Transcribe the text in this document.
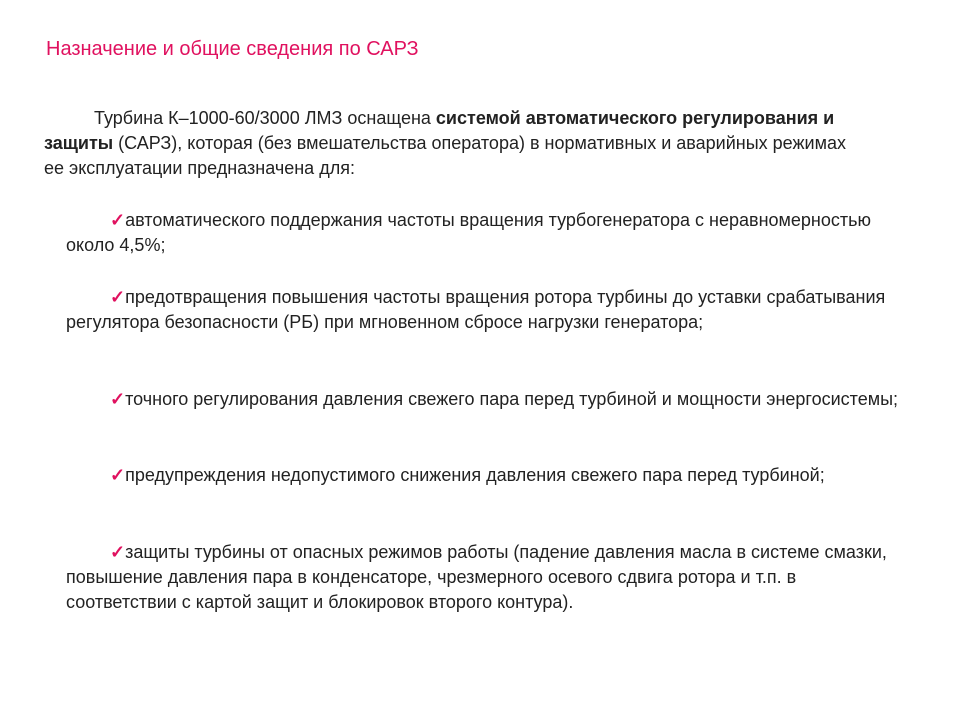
Назначение и общие сведения по САРЗ
Турбина К–1000-60/3000 ЛМЗ оснащена системой автоматического регулирования и защиты (САРЗ), которая (без вмешательства оператора) в нормативных и аварийных режимах ее эксплуатации предназначена для:
✓автоматического поддержания частоты вращения турбогенератора с неравномерностью около 4,5%;
✓предотвращения повышения частоты вращения ротора турбины до уставки срабатывания регулятора безопасности (РБ) при мгновенном сбросе нагрузки генератора;
✓точного регулирования давления свежего пара перед турбиной и мощности энергосистемы;
✓предупреждения недопустимого снижения давления свежего пара перед турбиной;
✓защиты турбины от опасных режимов работы (падение давления масла в системе смазки, повышение давления пара в конденсаторе, чрезмерного осевого сдвига ротора и т.п. в соответствии с картой защит и блокировок второго контура).
